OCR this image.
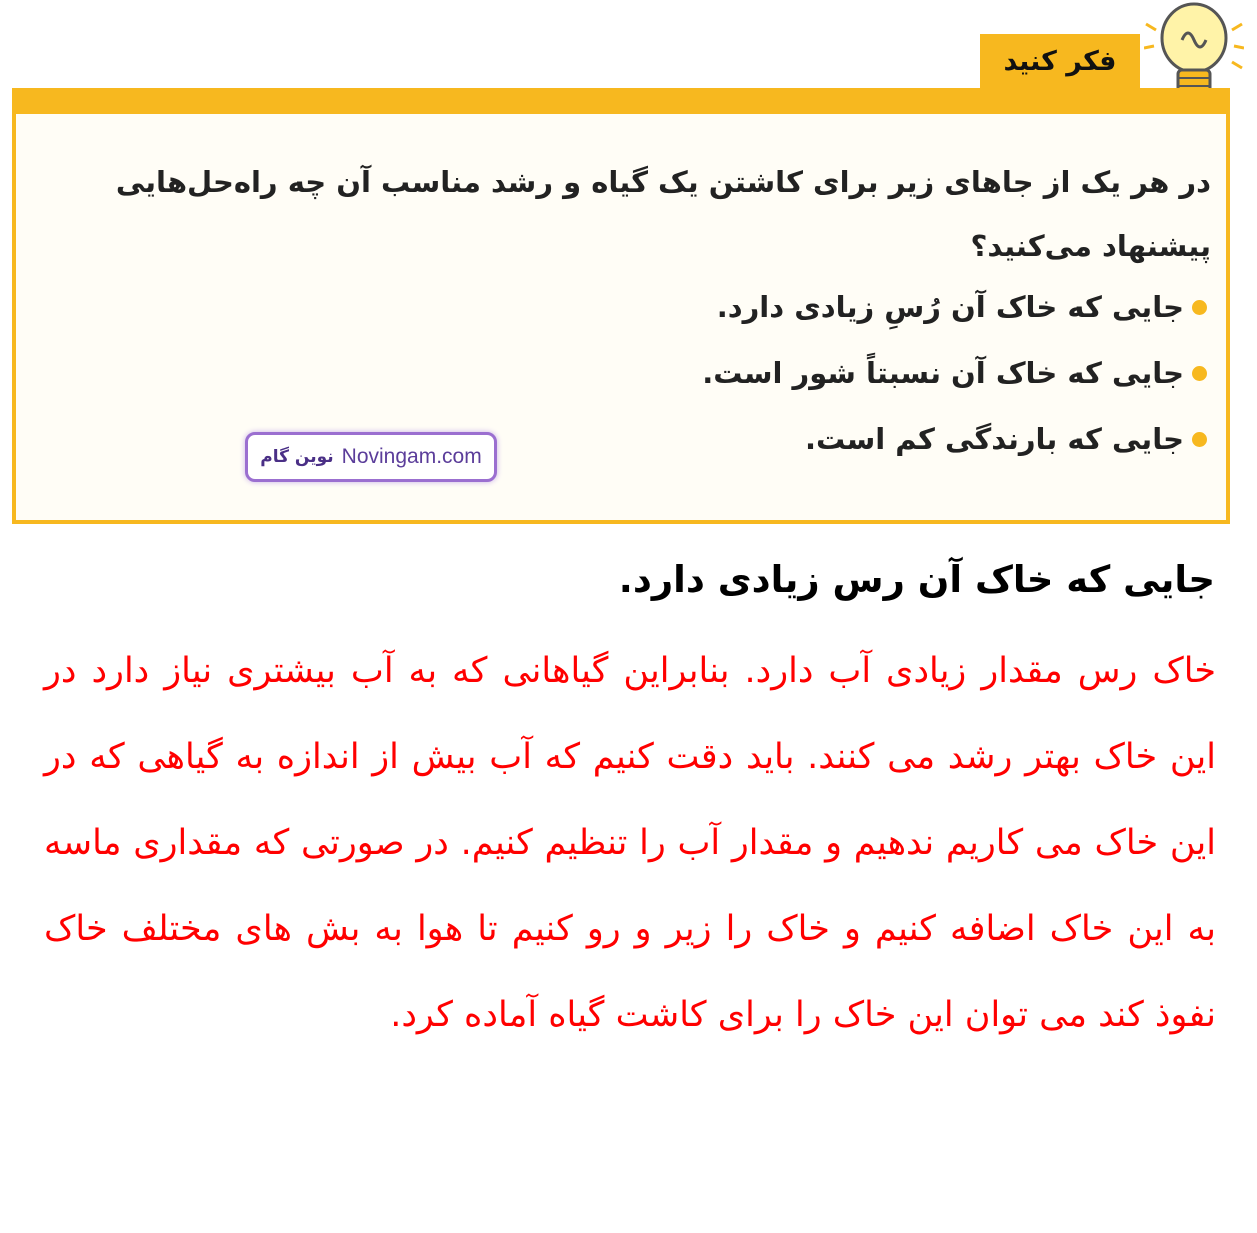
فکر کنید
در هر یک از جاهای زیر برای کاشتن یک گیاه و رشد مناسب آن چه راه‌حل‌هایی پیشنهاد می‌کنید؟
جایی که خاک آن رُسِ زیادی دارد.
جایی که خاک آن نسبتاً شور است.
جایی که بارندگی کم است.
نوین گام Novingam.com
جایی که خاک آن رس زیادی دارد.
خاک رس مقدار زیادی آب دارد. بنابراین گیاهانی که به آب بیشتری نیاز دارد در این خاک بهتر رشد می کنند. باید دقت کنیم که آب بیش از اندازه به گیاهی که در این خاک می کاریم ندهیم و مقدار آب را تنظیم کنیم. در صورتی که مقداری ماسه به این خاک اضافه کنیم و خاک را زیر و رو کنیم تا هوا به بش های مختلف خاک نفوذ کند می توان این خاک را برای کاشت گیاه آماده کرد.
